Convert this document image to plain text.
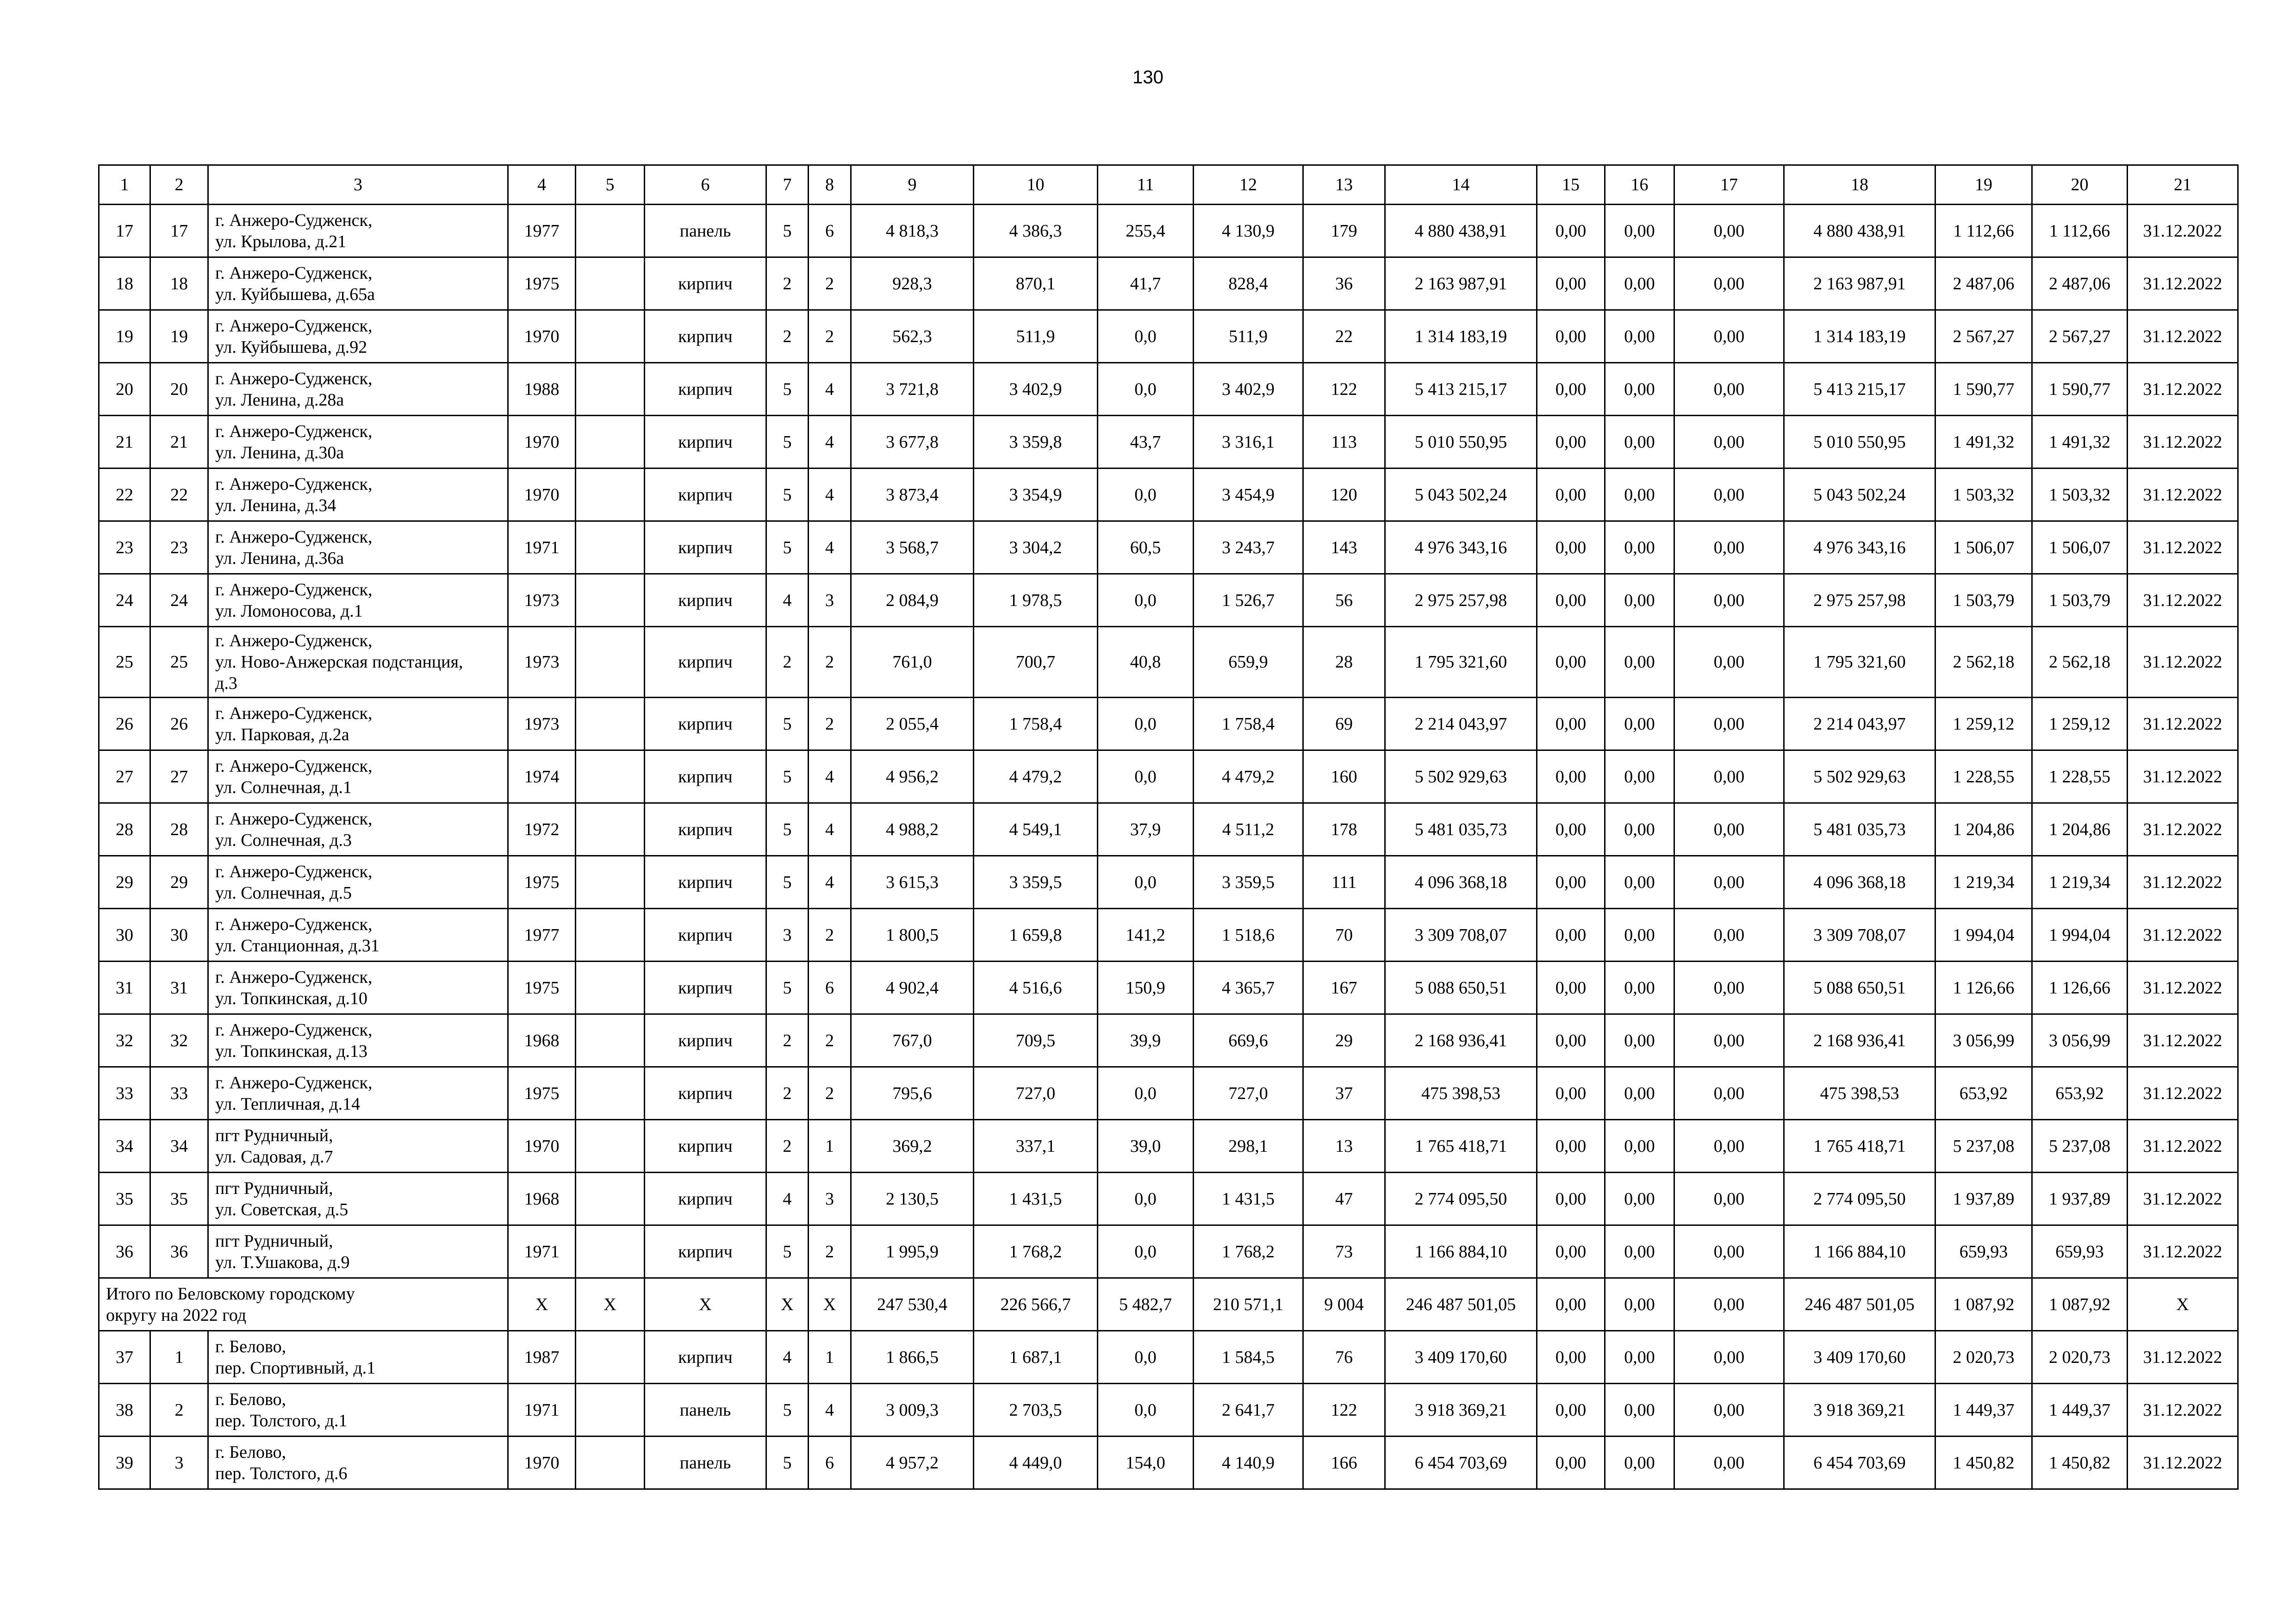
130
1	2	3	4	5	6	7	8	9	10	11	12	13	14	15	16	17	18	19	20	21
17	17	г. Анжеро-Судженск,
ул. Крылова, д.21	1977		панель	5	6	4 818,3	4 386,3	255,4	4 130,9	179	4 880 438,91	0,00	0,00	0,00	4 880 438,91	1 112,66	1 112,66	31.12.2022
18	18	г. Анжеро-Судженск,
ул. Куйбышева, д.65а	1975		кирпич	2	2	928,3	870,1	41,7	828,4	36	2 163 987,91	0,00	0,00	0,00	2 163 987,91	2 487,06	2 487,06	31.12.2022
19	19	г. Анжеро-Судженск,
ул. Куйбышева, д.92	1970		кирпич	2	2	562,3	511,9	0,0	511,9	22	1 314 183,19	0,00	0,00	0,00	1 314 183,19	2 567,27	2 567,27	31.12.2022
20	20	г. Анжеро-Судженск,
ул. Ленина, д.28а	1988		кирпич	5	4	3 721,8	3 402,9	0,0	3 402,9	122	5 413 215,17	0,00	0,00	0,00	5 413 215,17	1 590,77	1 590,77	31.12.2022
21	21	г. Анжеро-Судженск,
ул. Ленина, д.30а	1970		кирпич	5	4	3 677,8	3 359,8	43,7	3 316,1	113	5 010 550,95	0,00	0,00	0,00	5 010 550,95	1 491,32	1 491,32	31.12.2022
22	22	г. Анжеро-Судженск,
ул. Ленина, д.34	1970		кирпич	5	4	3 873,4	3 354,9	0,0	3 454,9	120	5 043 502,24	0,00	0,00	0,00	5 043 502,24	1 503,32	1 503,32	31.12.2022
23	23	г. Анжеро-Судженск,
ул. Ленина, д.36а	1971		кирпич	5	4	3 568,7	3 304,2	60,5	3 243,7	143	4 976 343,16	0,00	0,00	0,00	4 976 343,16	1 506,07	1 506,07	31.12.2022
24	24	г. Анжеро-Судженск,
ул. Ломоносова, д.1	1973		кирпич	4	3	2 084,9	1 978,5	0,0	1 526,7	56	2 975 257,98	0,00	0,00	0,00	2 975 257,98	1 503,79	1 503,79	31.12.2022
25	25	г. Анжеро-Судженск,
ул. Ново-Анжерская подстанция,
д.3	1973		кирпич	2	2	761,0	700,7	40,8	659,9	28	1 795 321,60	0,00	0,00	0,00	1 795 321,60	2 562,18	2 562,18	31.12.2022
26	26	г. Анжеро-Судженск,
ул. Парковая, д.2а	1973		кирпич	5	2	2 055,4	1 758,4	0,0	1 758,4	69	2 214 043,97	0,00	0,00	0,00	2 214 043,97	1 259,12	1 259,12	31.12.2022
27	27	г. Анжеро-Судженск,
ул. Солнечная, д.1	1974		кирпич	5	4	4 956,2	4 479,2	0,0	4 479,2	160	5 502 929,63	0,00	0,00	0,00	5 502 929,63	1 228,55	1 228,55	31.12.2022
28	28	г. Анжеро-Судженск,
ул. Солнечная, д.3	1972		кирпич	5	4	4 988,2	4 549,1	37,9	4 511,2	178	5 481 035,73	0,00	0,00	0,00	5 481 035,73	1 204,86	1 204,86	31.12.2022
29	29	г. Анжеро-Судженск,
ул. Солнечная, д.5	1975		кирпич	5	4	3 615,3	3 359,5	0,0	3 359,5	111	4 096 368,18	0,00	0,00	0,00	4 096 368,18	1 219,34	1 219,34	31.12.2022
30	30	г. Анжеро-Судженск,
ул. Станционная, д.31	1977		кирпич	3	2	1 800,5	1 659,8	141,2	1 518,6	70	3 309 708,07	0,00	0,00	0,00	3 309 708,07	1 994,04	1 994,04	31.12.2022
31	31	г. Анжеро-Судженск,
ул. Топкинская, д.10	1975		кирпич	5	6	4 902,4	4 516,6	150,9	4 365,7	167	5 088 650,51	0,00	0,00	0,00	5 088 650,51	1 126,66	1 126,66	31.12.2022
32	32	г. Анжеро-Судженск,
ул. Топкинская, д.13	1968		кирпич	2	2	767,0	709,5	39,9	669,6	29	2 168 936,41	0,00	0,00	0,00	2 168 936,41	3 056,99	3 056,99	31.12.2022
33	33	г. Анжеро-Судженск,
ул. Тепличная, д.14	1975		кирпич	2	2	795,6	727,0	0,0	727,0	37	475 398,53	0,00	0,00	0,00	475 398,53	653,92	653,92	31.12.2022
34	34	пгт Рудничный,
ул. Садовая, д.7	1970		кирпич	2	1	369,2	337,1	39,0	298,1	13	1 765 418,71	0,00	0,00	0,00	1 765 418,71	5 237,08	5 237,08	31.12.2022
35	35	пгт Рудничный,
ул. Советская, д.5	1968		кирпич	4	3	2 130,5	1 431,5	0,0	1 431,5	47	2 774 095,50	0,00	0,00	0,00	2 774 095,50	1 937,89	1 937,89	31.12.2022
36	36	пгт Рудничный,
ул. Т.Ушакова, д.9	1971		кирпич	5	2	1 995,9	1 768,2	0,0	1 768,2	73	1 166 884,10	0,00	0,00	0,00	1 166 884,10	659,93	659,93	31.12.2022

Итого по Беловскому городскому
округу на 2022 год			X	X	X	X	X	247 530,4	226 566,7	5 482,7	210 571,1	9 004	246 487 501,05	0,00	0,00	0,00	246 487 501,05	1 087,92	1 087,92	X
37	1	г. Белово,
пер. Спортивный, д.1	1987		кирпич	4	1	1 866,5	1 687,1	0,0	1 584,5	76	3 409 170,60	0,00	0,00	0,00	3 409 170,60	2 020,73	2 020,73	31.12.2022
38	2	г. Белово,
пер. Толстого, д.1	1971		панель	5	4	3 009,3	2 703,5	0,0	2 641,7	122	3 918 369,21	0,00	0,00	0,00	3 918 369,21	1 449,37	1 449,37	31.12.2022
39	3	г. Белово,
пер. Толстого, д.6	1970		панель	5	6	4 957,2	4 449,0	154,0	4 140,9	166	6 454 703,69	0,00	0,00	0,00	6 454 703,69	1 450,82	1 450,82	31.12.2022
